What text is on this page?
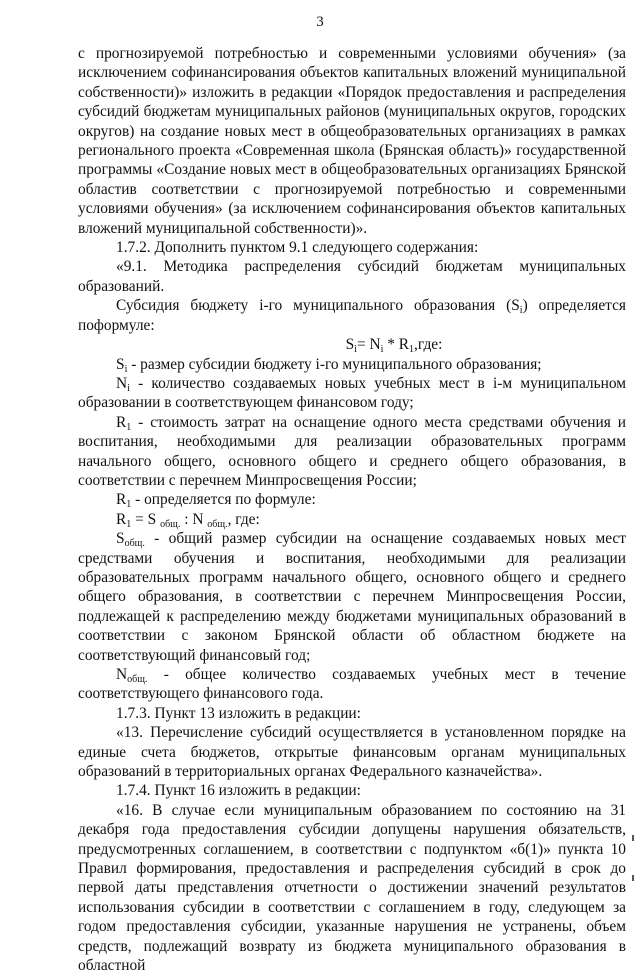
3

с прогнозируемой потребностью и современными условиями обучения» (за исключением софинансирования объектов капитальных вложений муниципальной собственности)» изложить в редакции «Порядок предоставления и распределения субсидий бюджетам муниципальных районов (муниципальных округов, городских округов) на создание новых мест в общеобразовательных организациях в рамках регионального проекта «Современная школа (Брянская область)» государственной программы «Создание новых мест в общеобразовательных организациях Брянской областив соответствии с прогнозируемой потребностью и современными условиями обучения» (за исключением софинансирования объектов капитальных вложений муниципальной собственности)».

1.7.2. Дополнить пунктом 9.1 следующего содержания:

«9.1. Методика распределения субсидий бюджетам муниципальных образований.

Субсидия бюджету i-го муниципального образования $(S_i)$ определяется поформуле:

$S_i= N_i * R_1,где$:

$S_i$ - размер субсидии бюджету i-го муниципального образования;

$N_i$ - количество создаваемых новых учебных мест в i-м муниципальном образовании в соответствующем финансовом году;

$R_1$ - стоимость затрат на оснащение одного места средствами обучения и воспитания, необходимыми для реализации образовательных программ начального общего, основного общего и среднего общего образования, в соответствии с перечнем Минпросвещения России;

$R_1$ - определяется по формуле:

$R_1 = S$ $_{общ.}$ : N $_{общ.}$, где:

$S_{общ.}$ - общий размер субсидии на оснащение создаваемых новых мест средствами обучения и воспитания, необходимыми для реализации образовательных программ начального общего, основного общего и среднего общего образования, в соответствии с перечнем Минпросвещения России, подлежащей к распределению между бюджетами муниципальных образований в соответствии с законом Брянской области об областном бюджете на соответствующий финансовый год;

$N_{общ.}$ - общее количество создаваемых учебных мест в течение соответствующего финансового года.

1.7.3. Пункт 13 изложить в редакции:

«13. Перечисление субсидий осуществляется в установленном порядке на единые счета бюджетов, открытые финансовым органам муниципальных образований в территориальных органах Федерального казначейства».

1.7.4. Пункт 16 изложить в редакции:

«16. В случае если муниципальным образованием по состоянию на 31 декабря года предоставления субсидии допущены нарушения обязательств, предусмотренных соглашением, в соответствии с подпунктом «б(1)» пункта 10 Правил формирования, предоставления и распределения субсидий в срок до первой даты представления отчетности о достижении значений результатов использования субсидии в соответствии с соглашением в году, следующем за годом предоставления субсидии, указанные нарушения не устранены, объем средств, подлежащий возврату из бюджета муниципального образования в областной
